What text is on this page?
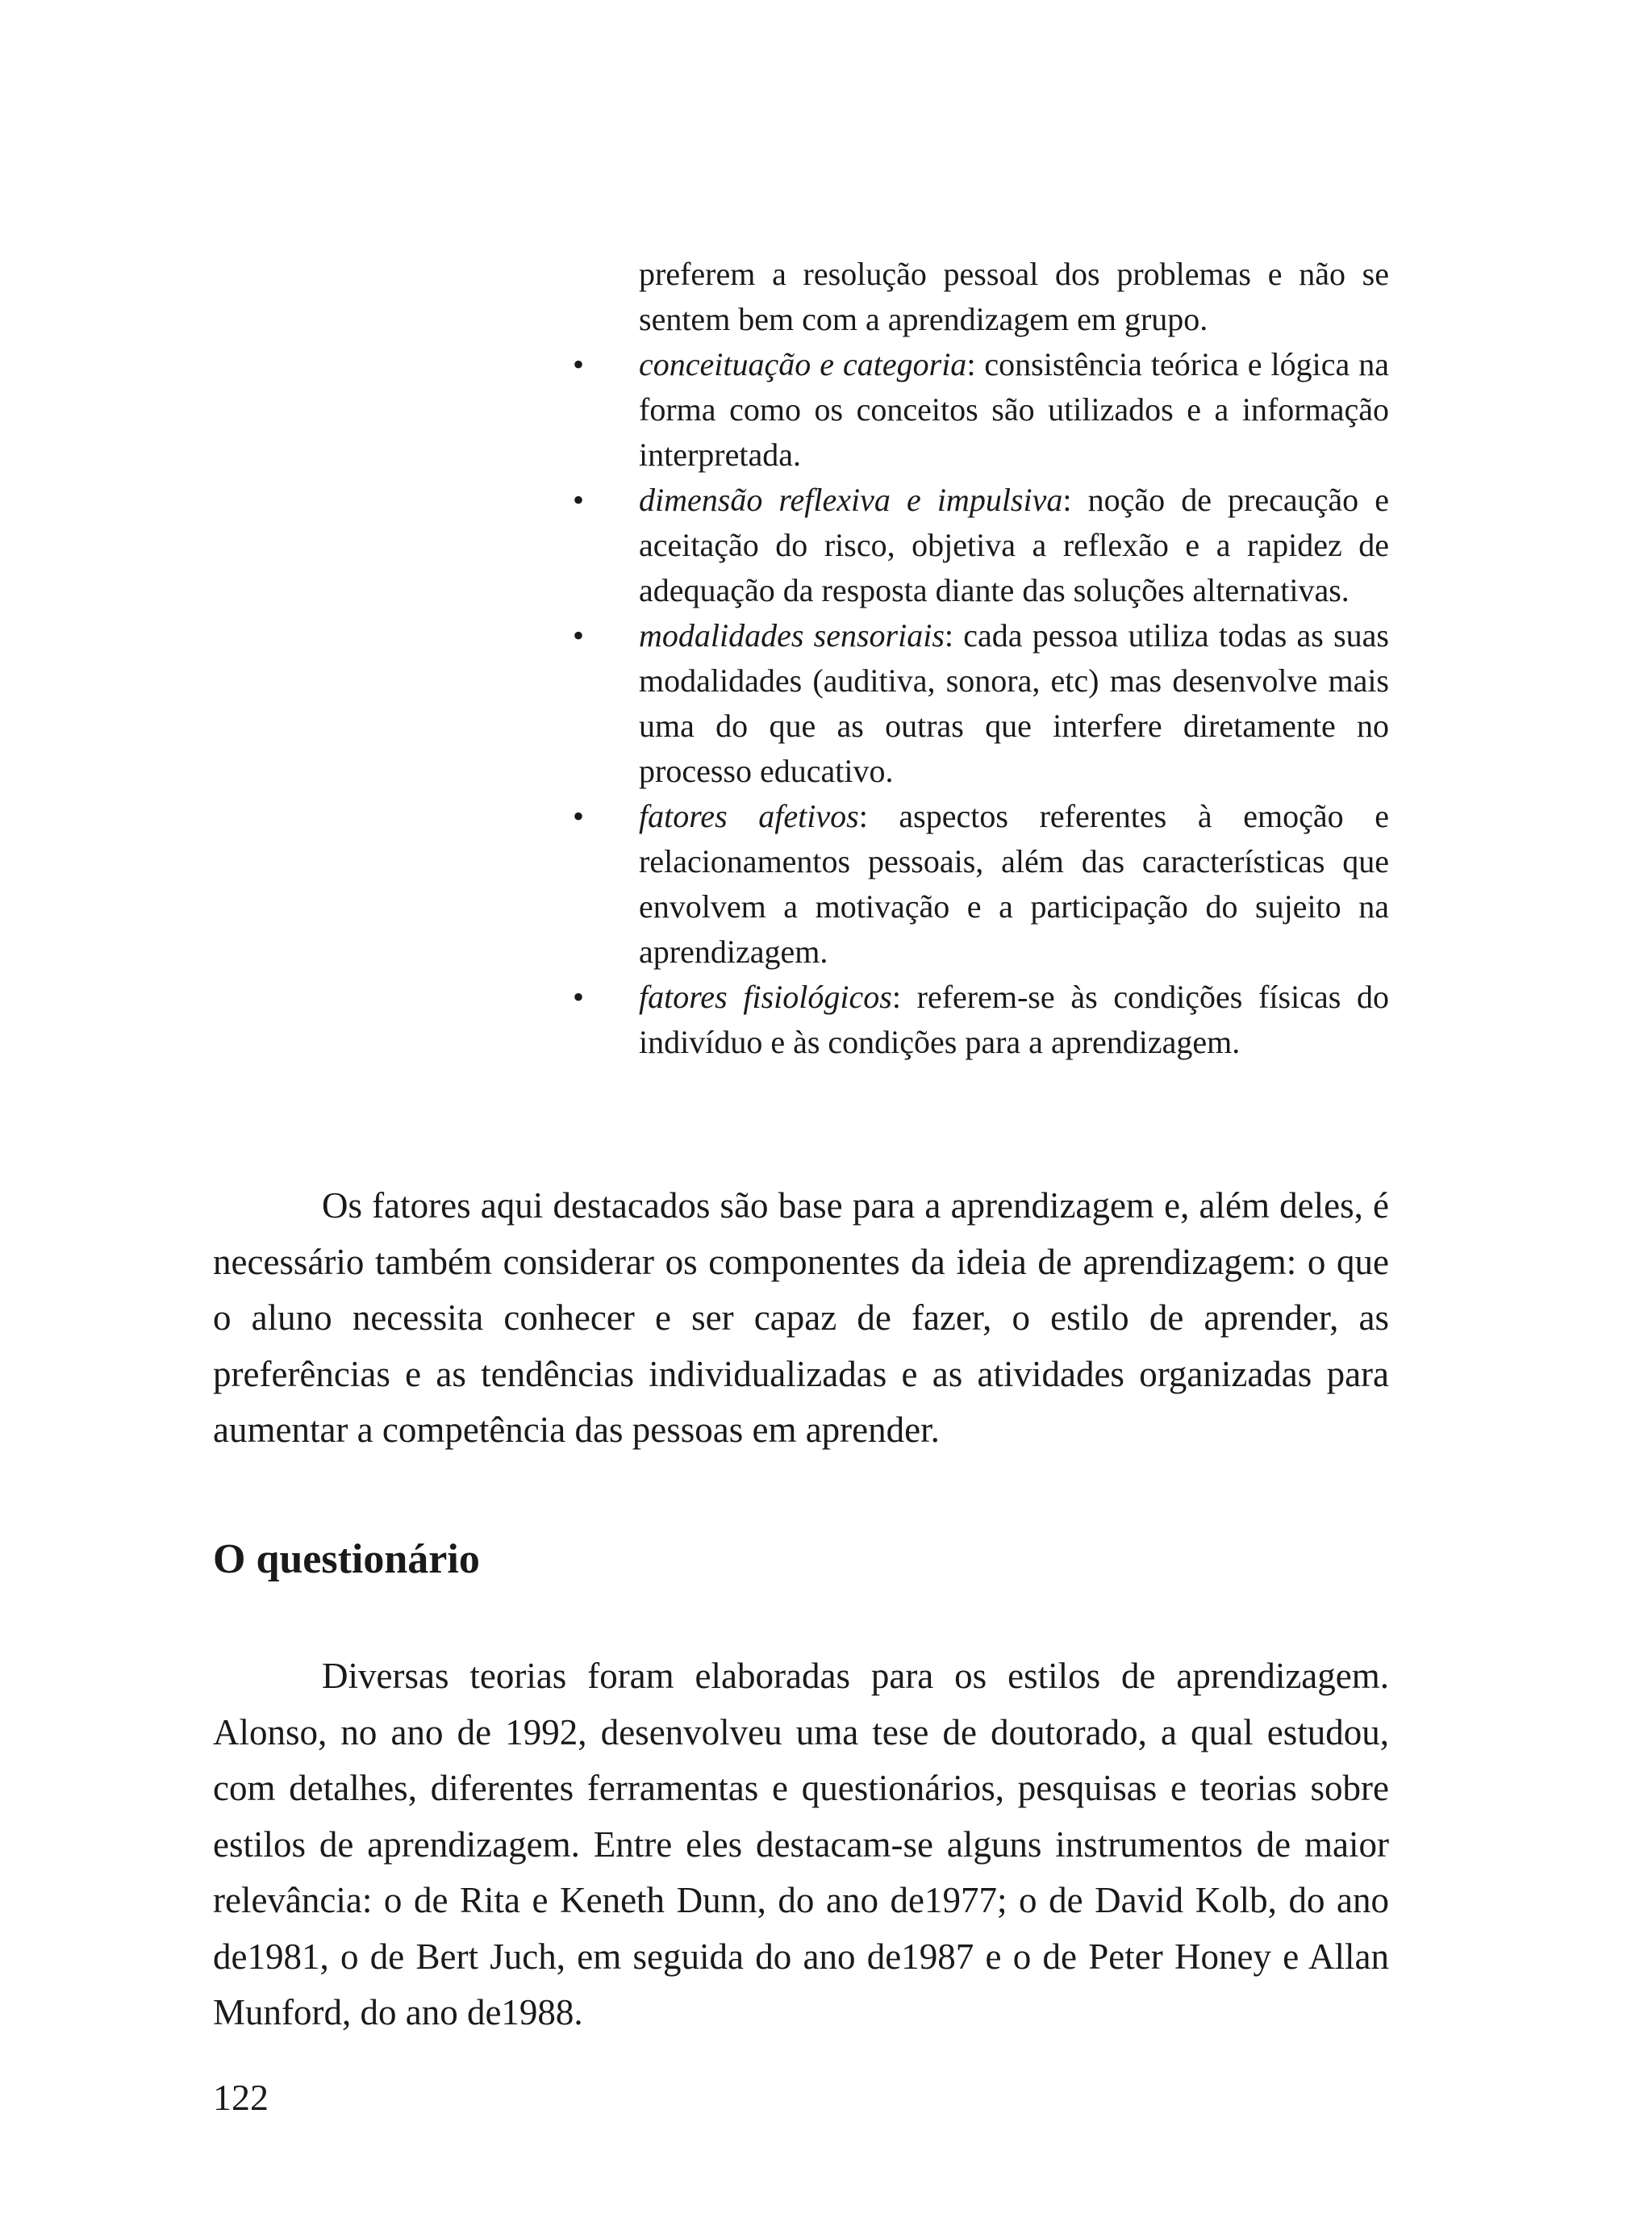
preferem a resolução pessoal dos problemas e não se sentem bem com a aprendizagem em grupo.

• conceituação e categoria: consistência teórica e lógica na forma como os conceitos são utilizados e a informação interpretada.
• dimensão reflexiva e impulsiva: noção de precaução e aceitação do risco, objetiva a reflexão e a rapidez de adequação da resposta diante das soluções alternativas.
• modalidades sensoriais: cada pessoa utiliza todas as suas modalidades (auditiva, sonora, etc) mas desenvolve mais uma do que as outras que interfere diretamente no processo educativo.
• fatores afetivos: aspectos referentes à emoção e relacionamentos pessoais, além das características que envolvem a motivação e a participação do sujeito na aprendizagem.
• fatores fisiológicos: referem-se às condições físicas do indivíduo e às condições para a aprendizagem.

Os fatores aqui destacados são base para a aprendizagem e, além deles, é necessário também considerar os componentes da ideia de aprendizagem: o que o aluno necessita conhecer e ser capaz de fazer, o estilo de aprender, as preferências e as tendências individualizadas e as atividades organizadas para aumentar a competência das pessoas em aprender.

O questionário

Diversas teorias foram elaboradas para os estilos de aprendizagem. Alonso, no ano de 1992, desenvolveu uma tese de doutorado, a qual estudou, com detalhes, diferentes ferramentas e questionários, pesquisas e teorias sobre estilos de aprendizagem. Entre eles destacam-se alguns instrumentos de maior relevância: o de Rita e Keneth Dunn, do ano de1977; o de David Kolb, do ano de1981, o de Bert Juch, em seguida do ano de1987 e o de Peter Honey e Allan Munford, do ano de1988.

122
